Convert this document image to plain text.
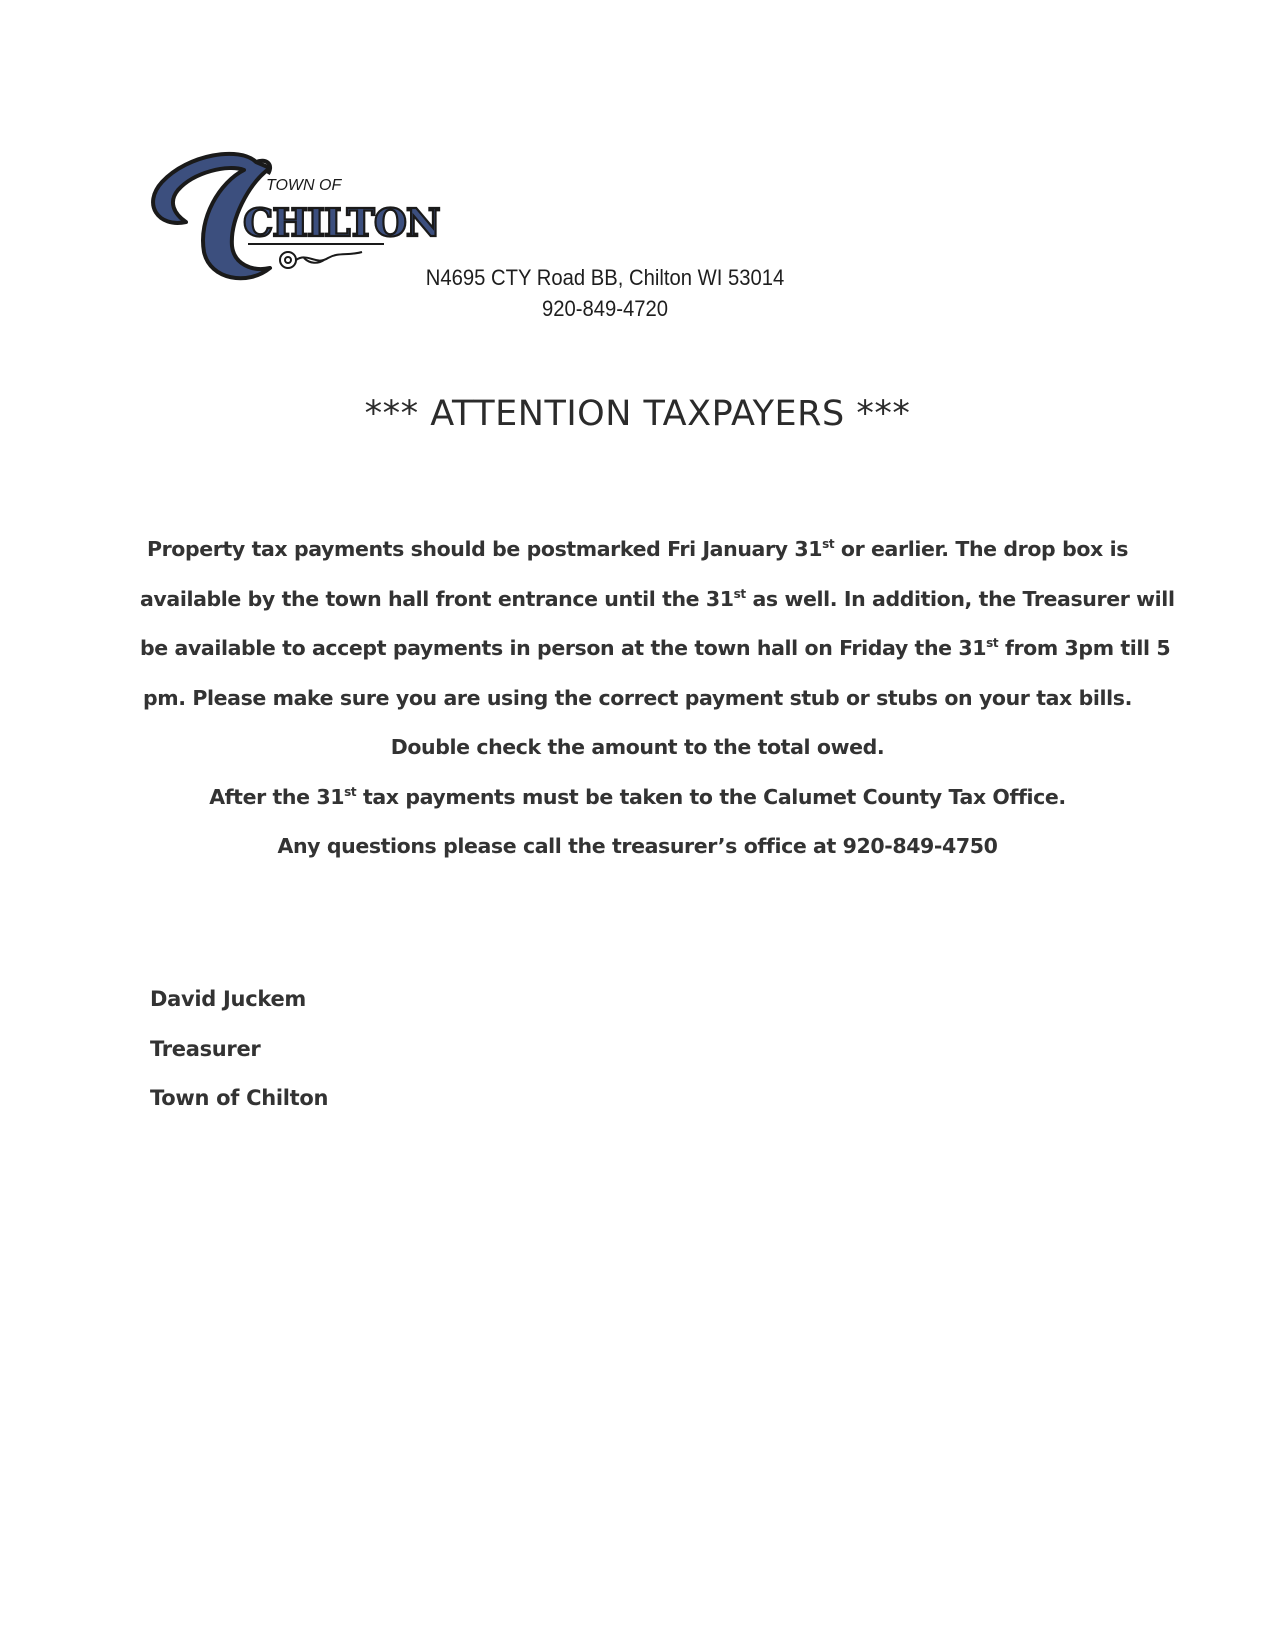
TOWN OF
CHILTON
N4695 CTY Road BB, Chilton WI 53014
920-849-4720
*** ATTENTION TAXPAYERS ***
Property tax payments should be postmarked Fri January 31st or earlier. The drop box is
available by the town hall front entrance until the 31st as well. In addition, the Treasurer will
be available to accept payments in person at the town hall on Friday the 31st from 3pm till 5
pm. Please make sure you are using the correct payment stub or stubs on your tax bills.
Double check the amount to the total owed.
After the 31st tax payments must be taken to the Calumet County Tax Office.
Any questions please call the treasurer’s office at 920-849-4750
David Juckem
Treasurer
Town of Chilton
